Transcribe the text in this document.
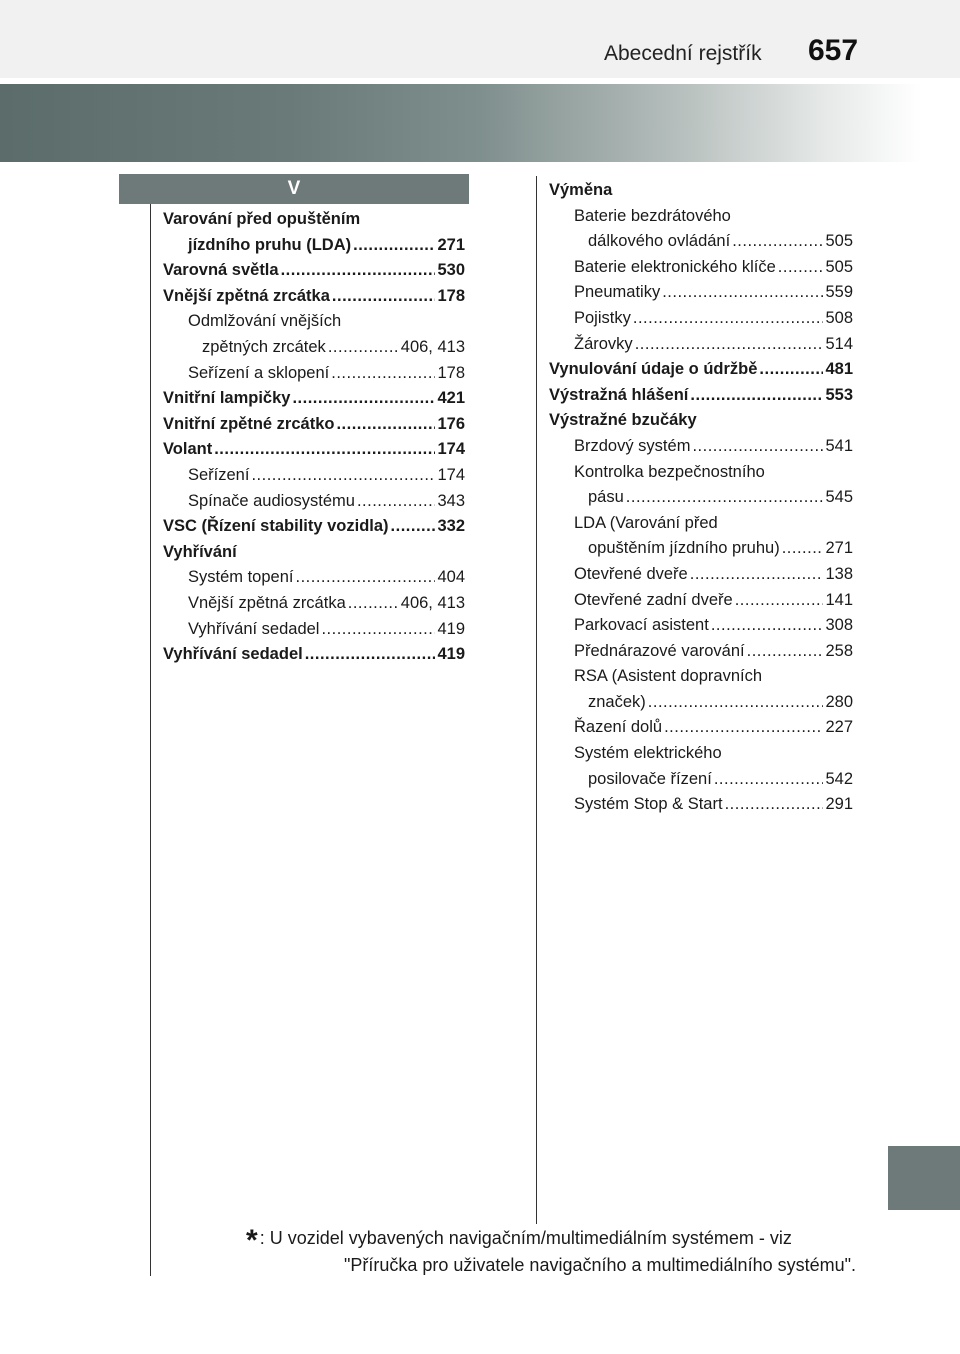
Abecední rejstřík 657
V
Varování před opuštěním
jízdního pruhu (LDA) .....	271
Varovná světla .....	530
Vnější zpětná zrcátka .....	178
Odmlžování vnějších
zpětných zrcátek .....	406, 413
Seřízení a sklopení .....	178
Vnitřní lampičky .....	421
Vnitřní zpětné zrcátko .....	176
Volant .....	174
Seřízení .....	174
Spínače audiosystému .....	343
VSC (Řízení stability vozidla) .....	332
Vyhřívání
Systém topení .....	404
Vnější zpětná zrcátka .....	406, 413
Vyhřívání sedadel .....	419
Vyhřívání sedadel .....	419
Výměna
Baterie bezdrátového
dálkového ovládání .....	505
Baterie elektronického klíče .....	505
Pneumatiky .....	559
Pojistky .....	508
Žárovky .....	514
Vynulování údaje o údržbě .....	481
Výstražná hlášení .....	553
Výstražné bzučáky
Brzdový systém .....	541
Kontrolka bezpečnostního
pásu .....	545
LDA (Varování před
opuštěním jízdního pruhu) .....	271
Otevřené dveře .....	138
Otevřené zadní dveře .....	141
Parkovací asistent .....	308
Přednárazové varování .....	258
RSA (Asistent dopravních
značek) .....	280
Řazení dolů .....	227
Systém elektrického
posilovače řízení .....	542
Systém Stop & Start .....	291
* : U vozidel vybavených navigačním/multimediálním systémem - viz
"Příručka pro uživatele navigačního a multimediálního systému".
